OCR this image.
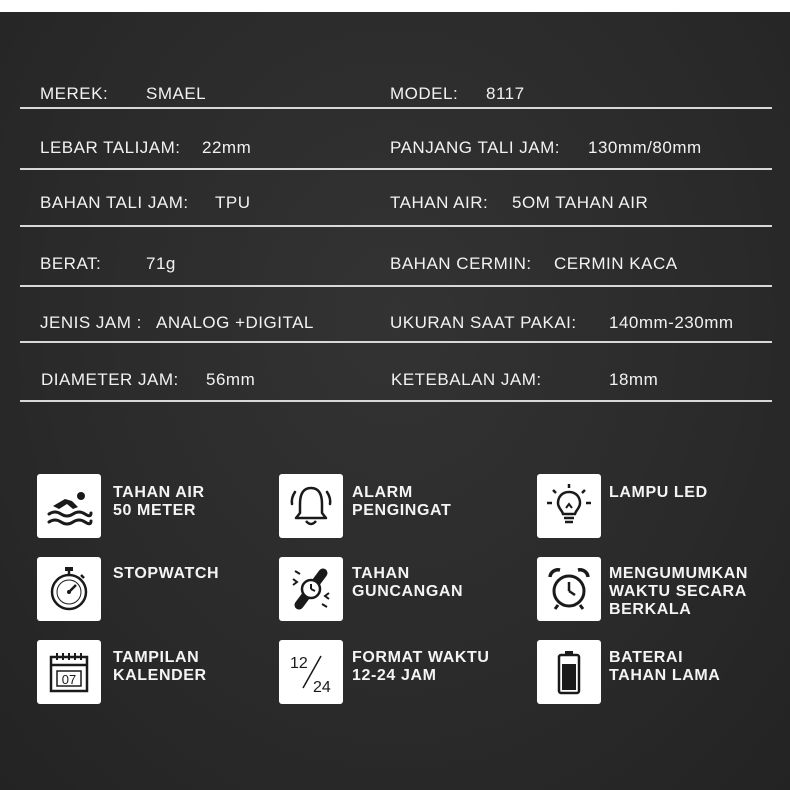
MEREK: SMAEL	MODEL: 8117
LEBAR TALIJAM: 22mm	PANJANG TALI JAM: 130mm/80mm
BAHAN TALI JAM: TPU	TAHAN AIR: 5OM TAHAN AIR
BERAT:	71g	BAHAN CERMIN: CERMIN KACA
JENIS JAM : ANALOG +DIGITAL	UKURAN SAAT PAKAI: 140mm-230mm
DIAMETER JAM: 56mm	KETEBALAN JAM:	18mm
TAHAN AIR
50 METER
ALARM
PENGINGAT
LAMPU LED
STOPWATCH	TAHAN
GUNCANGAN
MENGUMUMKAN
WAKTU SECARA
BERKALA
07
TAMPILAN
KALENDER
12
24
FORMAT WAKTU
12-24 JAM
BATERAI
TAHAN LAMA
